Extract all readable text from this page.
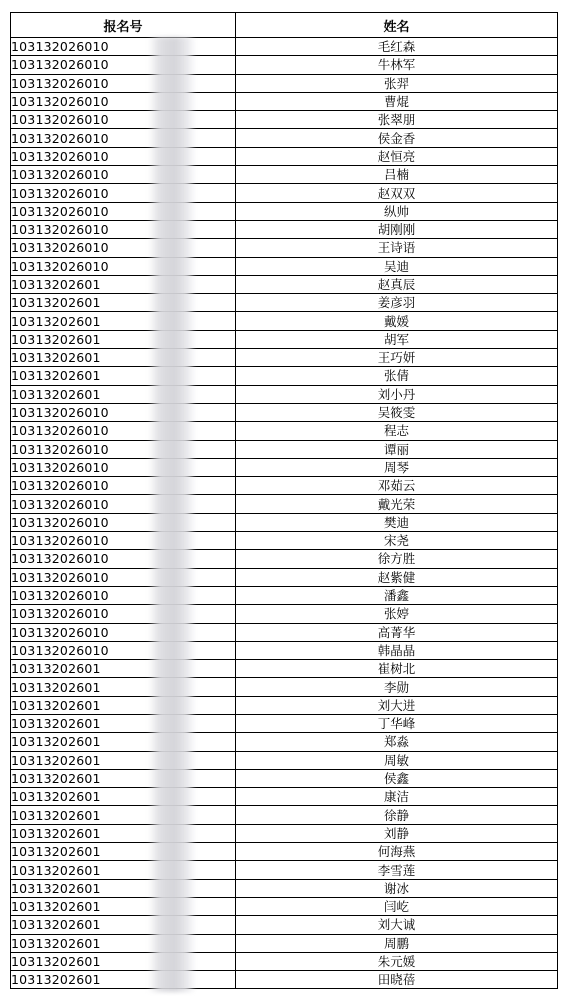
报名号	姓名
103132026010	毛红森
103132026010	牛林军
103132026010	张羿
103132026010	曹焜
103132026010	张翠朋
103132026010	侯金香
103132026010	赵恒亮
103132026010	吕楠
103132026010	赵双双
103132026010	纵帅
103132026010	胡刚刚
103132026010	王诗语
103132026010	吴迪
10313202601	赵真辰
10313202601	姜彦羽
10313202601	戴媛
10313202601	胡军
10313202601	王巧妍
10313202601	张倩
10313202601	刘小丹
103132026010	吴筱雯
103132026010	程志
103132026010	谭丽
103132026010	周琴
103132026010	邓茹云
103132026010	戴光荣
103132026010	樊迪
103132026010	宋尧
103132026010	徐方胜
103132026010	赵紫健
103132026010	潘鑫
103132026010	张婷
103132026010	高菁华
103132026010	韩晶晶
10313202601	崔树北
10313202601	李勋
10313202601	刘大进
10313202601	丁华峰
10313202601	郑淼
10313202601	周敏
10313202601	侯鑫
10313202601	康洁
10313202601	徐静
10313202601	刘静
10313202601	何海燕
10313202601	李雪莲
10313202601	谢冰
10313202601	闫屹
10313202601	刘大诚
10313202601	周鹏
10313202601	朱元媛
10313202601	田晓蓓
